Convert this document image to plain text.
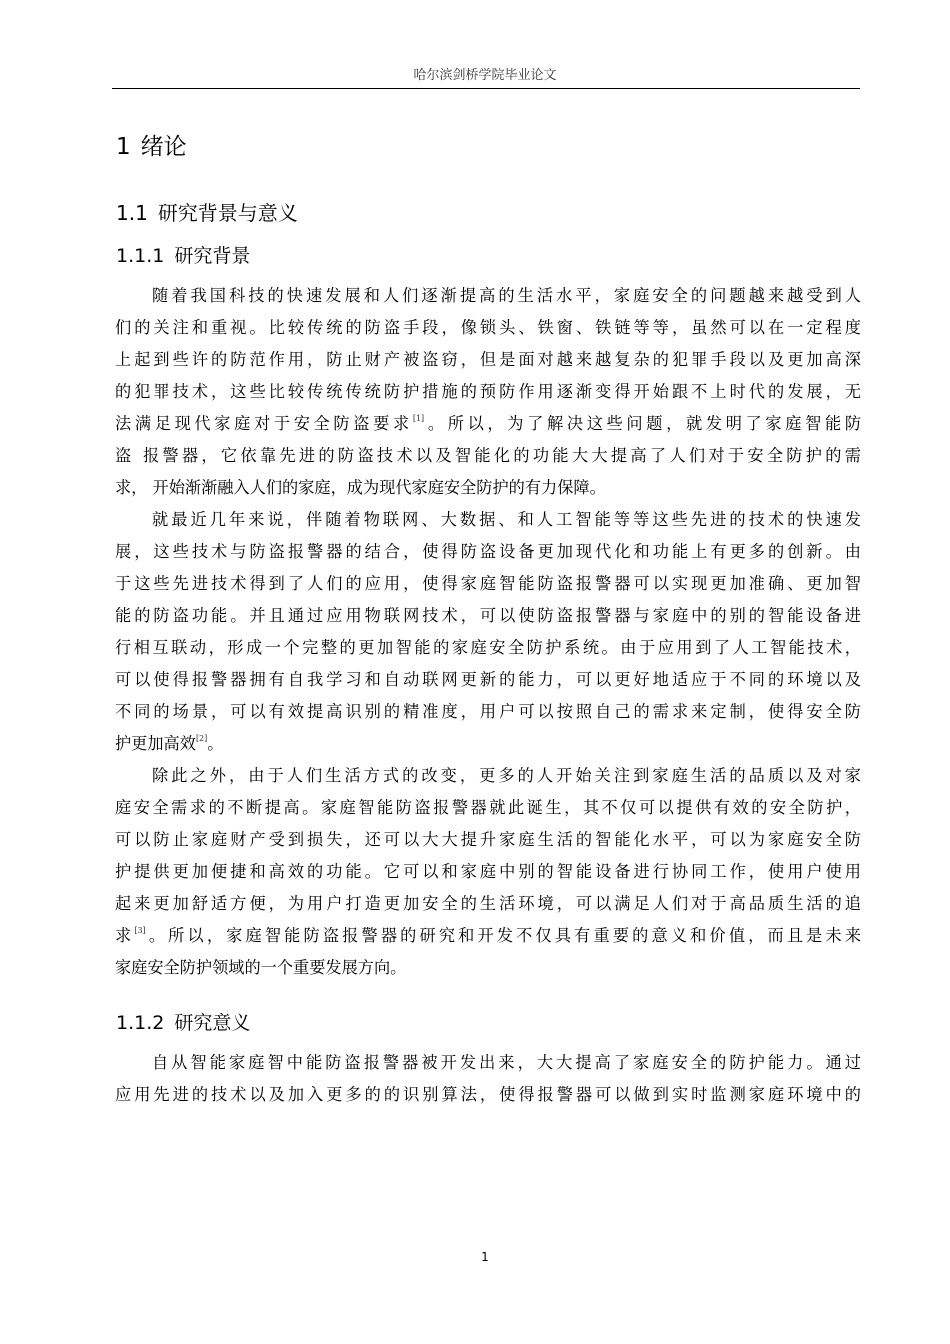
哈尔滨剑桥学院毕业论文
1 绪论
1.1 研究背景与意义
1.1.1 研究背景
随着我国科技的快速发展和人们逐渐提高的生活水平，家庭安全的问题越来越受到人
们的关注和重视。比较传统的防盗手段，像锁头、铁窗、铁链等等，虽然可以在一定程度
上起到些许的防范作用，防止财产被盗窃，但是面对越来越复杂的犯罪手段以及更加高深
的犯罪技术，这些比较传统传统防护措施的预防作用逐渐变得开始跟不上时代的发展，无
法满足现代家庭对于安全防盗要求[1]。所以，为了解决这些问题，就发明了家庭智能防
盗 报警器，它依靠先进的防盗技术以及智能化的功能大大提高了人们对于安全防护的需
求， 开始渐渐融入人们的家庭，成为现代家庭安全防护的有力保障。
就最近几年来说，伴随着物联网、大数据、和人工智能等等这些先进的技术的快速发
展，这些技术与防盗报警器的结合，使得防盗设备更加现代化和功能上有更多的创新。由
于这些先进技术得到了人们的应用，使得家庭智能防盗报警器可以实现更加准确、更加智
能的防盗功能。并且通过应用物联网技术，可以使防盗报警器与家庭中的别的智能设备进
行相互联动，形成一个完整的更加智能的家庭安全防护系统。由于应用到了人工智能技术，
可以使得报警器拥有自我学习和自动联网更新的能力，可以更好地适应于不同的环境以及
不同的场景，可以有效提高识别的精准度，用户可以按照自己的需求来定制，使得安全防
护更加高效[2]。
除此之外，由于人们生活方式的改变，更多的人开始关注到家庭生活的品质以及对家
庭安全需求的不断提高。家庭智能防盗报警器就此诞生，其不仅可以提供有效的安全防护，
可以防止家庭财产受到损失，还可以大大提升家庭生活的智能化水平，可以为家庭安全防
护提供更加便捷和高效的功能。它可以和家庭中别的智能设备进行协同工作，使用户使用
起来更加舒适方便，为用户打造更加安全的生活环境，可以满足人们对于高品质生活的追
求[3]。所以，家庭智能防盗报警器的研究和开发不仅具有重要的意义和价值，而且是未来
家庭安全防护领域的一个重要发展方向。
1.1.2 研究意义
自从智能家庭智中能防盗报警器被开发出来，大大提高了家庭安全的防护能力。通过
应用先进的技术以及加入更多的的识别算法，使得报警器可以做到实时监测家庭环境中的
1
